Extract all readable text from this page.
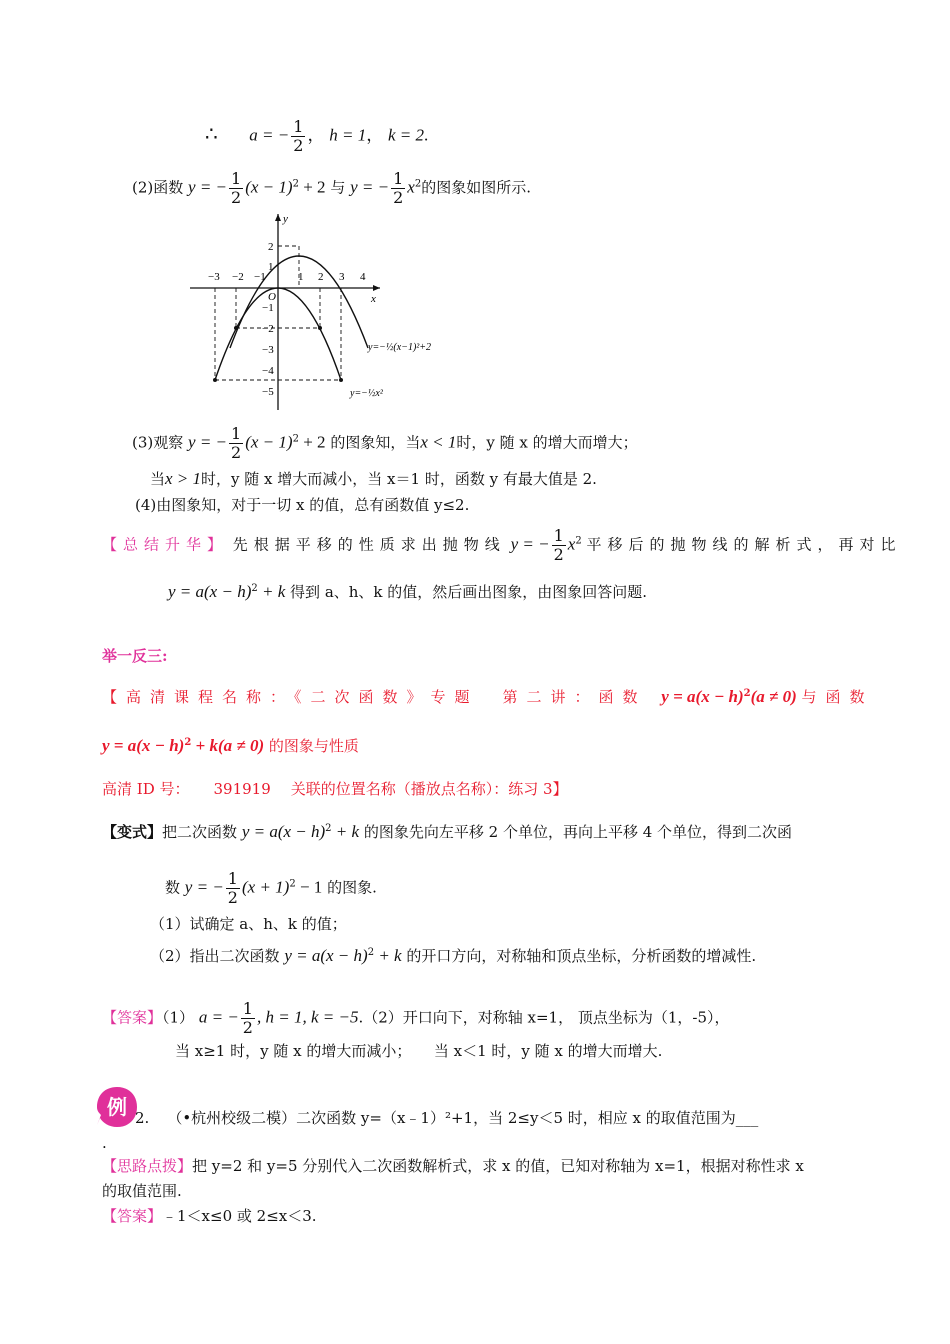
∴ a = − $\frac{1}{2}$ ， h = 1， k = 2.
(2)函数 y = − $\frac{1}{2} (x - 1)^2 + 2$ 与 y = − $\frac{1}{2} x^2$的图象如图所示.
x
y
O
−3 −2 −1	1 2 3 4
2
1
−1
−2
−3
−4
−5
y=−½(x−1)²+2
y=−½x²
(3)观察 y = − $\frac{1}{2} (x - 1)^2 + 2$ 的图象知，当x < 1时，y 随 x 的增大而增大；
当x > 1时，y 随 x 增大而减小，当 x＝1 时，函数 y 有最大值是 2.
(4)由图象知，对于一切 x 的值，总有函数值 y≤2.
【总结升华】 先根据平移的性质求出抛物线 y = − $\frac{1}{2} x^2$ 平移后的抛物线的解析式，再对比
$y = a(x - h)^2 + k$ 得到 a、h、k 的值，然后画出图象，由图象回答问题.
举一反三:
【高清课程名称：《二次函数》专题　第二讲：函数 $y = a(x - h)^2(a \ne 0)$ 与函数
$y = a(x - h)^2 + k(a \ne 0)$ 的图象与性质
高清 ID 号： 391919 关联的位置名称（播放点名称）：练习 3】
【变式】把二次函数 $y = a(x - h)^2 + k$ 的图象先向左平移 2 个单位，再向上平移 4 个单位，得到二次函
数 y = − $\frac{1}{2} (x + 1)^2 - 1$ 的图象.
（1）试确定 a、h、k 的值；
（2）指出二次函数 $y = a(x - h)^2 + k$ 的开口方向，对称轴和顶点坐标，分析函数的增减性.
【答案】（1） a = − $\frac{1}{2}$ , h = 1, k = −5.（2）开口向下，对称轴 x=1， 顶点坐标为（1，-5），
当 x≥1 时，y 随 x 的增大而减小；　　当 x＜1 时，y 随 x 的增大而增大.
例 2. （•杭州校级二模）二次函数 y=（x﹣1）²+1，当 2≤y＜5 时，相应 x 的取值范围为___
.
【思路点拨】把 y=2 和 y=5 分别代入二次函数解析式，求 x 的值，已知对称轴为 x=1，根据对称性求 x
的取值范围.
【答案】﹣1＜x≤0 或 2≤x＜3.
